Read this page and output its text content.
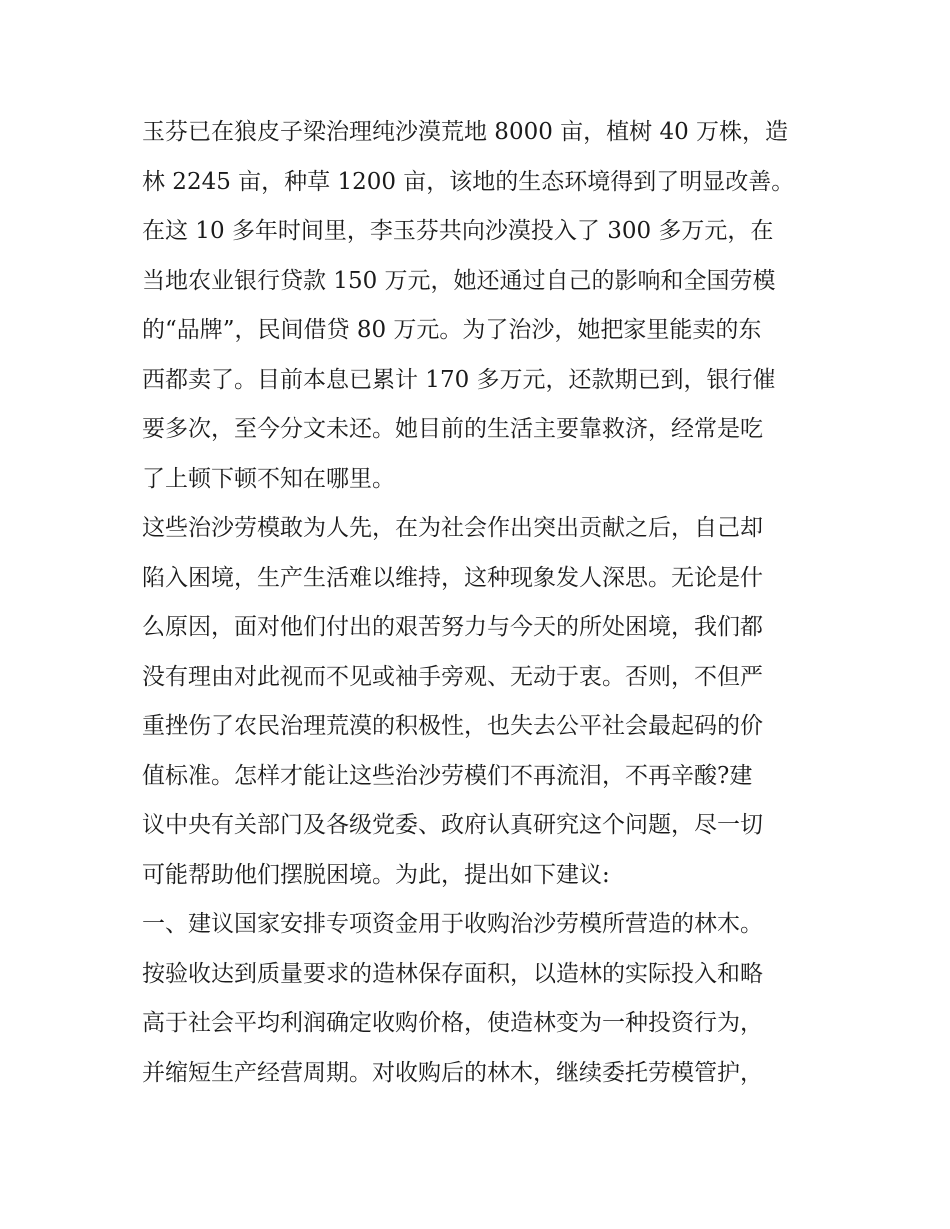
玉芬已在狼皮子梁治理纯沙漠荒地 8000 亩，植树 40 万株，造
林 2245 亩，种草 1200 亩，该地的生态环境得到了明显改善。
在这 10 多年时间里，李玉芬共向沙漠投入了 300 多万元，在
当地农业银行贷款 150 万元，她还通过自己的影响和全国劳模
的“品牌”，民间借贷 80 万元。为了治沙，她把家里能卖的东
西都卖了。目前本息已累计 170 多万元，还款期已到，银行催
要多次，至今分文未还。她目前的生活主要靠救济，经常是吃
了上顿下顿不知在哪里。
这些治沙劳模敢为人先，在为社会作出突出贡献之后，自己却
陷入困境，生产生活难以维持，这种现象发人深思。无论是什
么原因，面对他们付出的艰苦努力与今天的所处困境，我们都
没有理由对此视而不见或袖手旁观、无动于衷。否则，不但严
重挫伤了农民治理荒漠的积极性，也失去公平社会最起码的价
值标准。怎样才能让这些治沙劳模们不再流泪，不再辛酸?建
议中央有关部门及各级党委、政府认真研究这个问题，尽一切
可能帮助他们摆脱困境。为此，提出如下建议:
一、建议国家安排专项资金用于收购治沙劳模所营造的林木。
按验收达到质量要求的造林保存面积，以造林的实际投入和略
高于社会平均利润确定收购价格，使造林变为一种投资行为，
并缩短生产经营周期。对收购后的林木，继续委托劳模管护，
